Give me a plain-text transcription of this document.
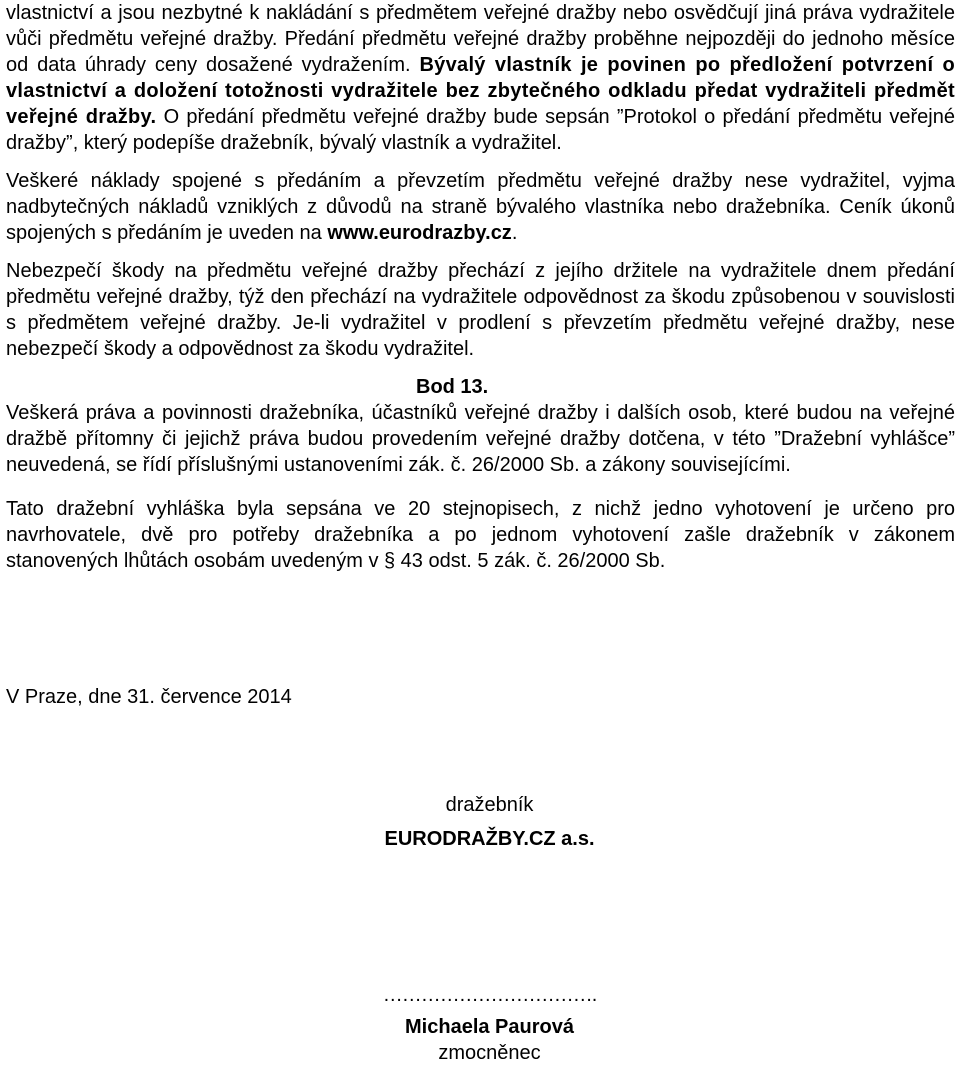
vlastnictví a jsou nezbytné k nakládání s předmětem veřejné dražby nebo osvědčují jiná práva vydražitele vůči předmětu veřejné dražby. Předání předmětu veřejné dražby proběhne nejpozději do jednoho měsíce od data úhrady ceny dosažené vydražením. Bývalý vlastník je povinen po předložení potvrzení o vlastnictví a doložení totožnosti vydražitele bez zbytečného odkladu předat vydražiteli předmět veřejné dražby. O předání předmětu veřejné dražby bude sepsán ”Protokol o předání předmětu veřejné dražby”, který podepíše dražebník, bývalý vlastník a vydražitel.

Veškeré náklady spojené s předáním a převzetím předmětu veřejné dražby nese vydražitel, vyjma nadbytečných nákladů vzniklých z důvodů na straně bývalého vlastníka nebo dražebníka. Ceník úkonů spojených s předáním je uveden na www.eurodrazby.cz.

Nebezpečí škody na předmětu veřejné dražby přechází z jejího držitele na vydražitele dnem předání předmětu veřejné dražby, týž den přechází na vydražitele odpovědnost za škodu způsobenou v souvislosti s předmětem veřejné dražby. Je-li vydražitel v prodlení s převzetím předmětu veřejné dražby, nese nebezpečí škody a odpovědnost za škodu vydražitel.

Bod 13.

Veškerá práva a povinnosti dražebníka, účastníků veřejné dražby i dalších osob, které budou na veřejné dražbě přítomny či jejichž práva budou provedením veřejné dražby dotčena, v této ”Dražební vyhlášce” neuvedená, se řídí příslušnými ustanoveními zák. č. 26/2000 Sb. a zákony souvisejícími.

Tato dražební vyhláška byla sepsána ve 20 stejnopisech, z nichž jedno vyhotovení je určeno pro navrhovatele, dvě pro potřeby dražebníka a po jednom vyhotovení zašle dražebník v zákonem stanovených lhůtách osobám uvedeným v § 43 odst. 5 zák. č. 26/2000 Sb.

V Praze, dne 31. července 2014

dražebník

EURODRAŽBY.CZ a.s.

…………………………….

Michaela Paurová

zmocněnec
